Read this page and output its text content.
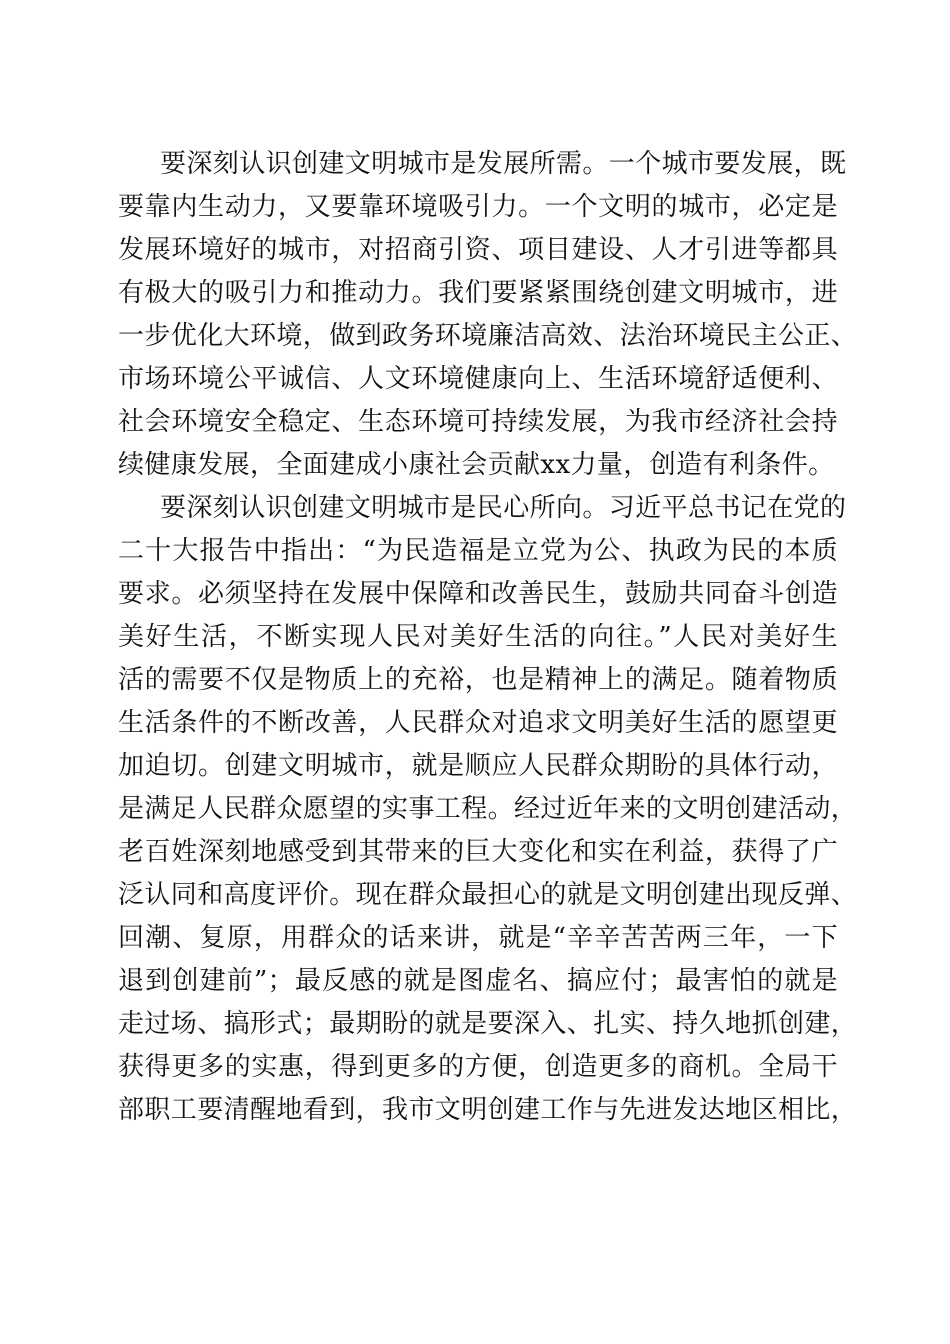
要深刻认识创建文明城市是发展所需。一个城市要发展，既
要靠内生动力，又要靠环境吸引力。一个文明的城市，必定是
发展环境好的城市，对招商引资、项目建设、人才引进等都具
有极大的吸引力和推动力。我们要紧紧围绕创建文明城市，进
一步优化大环境，做到政务环境廉洁高效、法治环境民主公正、
市场环境公平诚信、人文环境健康向上、生活环境舒适便利、
社会环境安全稳定、生态环境可持续发展，为我市经济社会持
续健康发展，全面建成小康社会贡献xx力量，创造有利条件。
要深刻认识创建文明城市是民心所向。习近平总书记在党的
二十大报告中指出：“为民造福是立党为公、执政为民的本质
要求。必须坚持在发展中保障和改善民生，鼓励共同奋斗创造
美好生活，不断实现人民对美好生活的向往。”人民对美好生
活的需要不仅是物质上的充裕，也是精神上的满足。随着物质
生活条件的不断改善，人民群众对追求文明美好生活的愿望更
加迫切。创建文明城市，就是顺应人民群众期盼的具体行动，
是满足人民群众愿望的实事工程。经过近年来的文明创建活动，
老百姓深刻地感受到其带来的巨大变化和实在利益，获得了广
泛认同和高度评价。现在群众最担心的就是文明创建出现反弹、
回潮、复原，用群众的话来讲，就是“辛辛苦苦两三年，一下
退到创建前”；最反感的就是图虚名、搞应付；最害怕的就是
走过场、搞形式；最期盼的就是要深入、扎实、持久地抓创建，
获得更多的实惠，得到更多的方便，创造更多的商机。全局干
部职工要清醒地看到，我市文明创建工作与先进发达地区相比，
